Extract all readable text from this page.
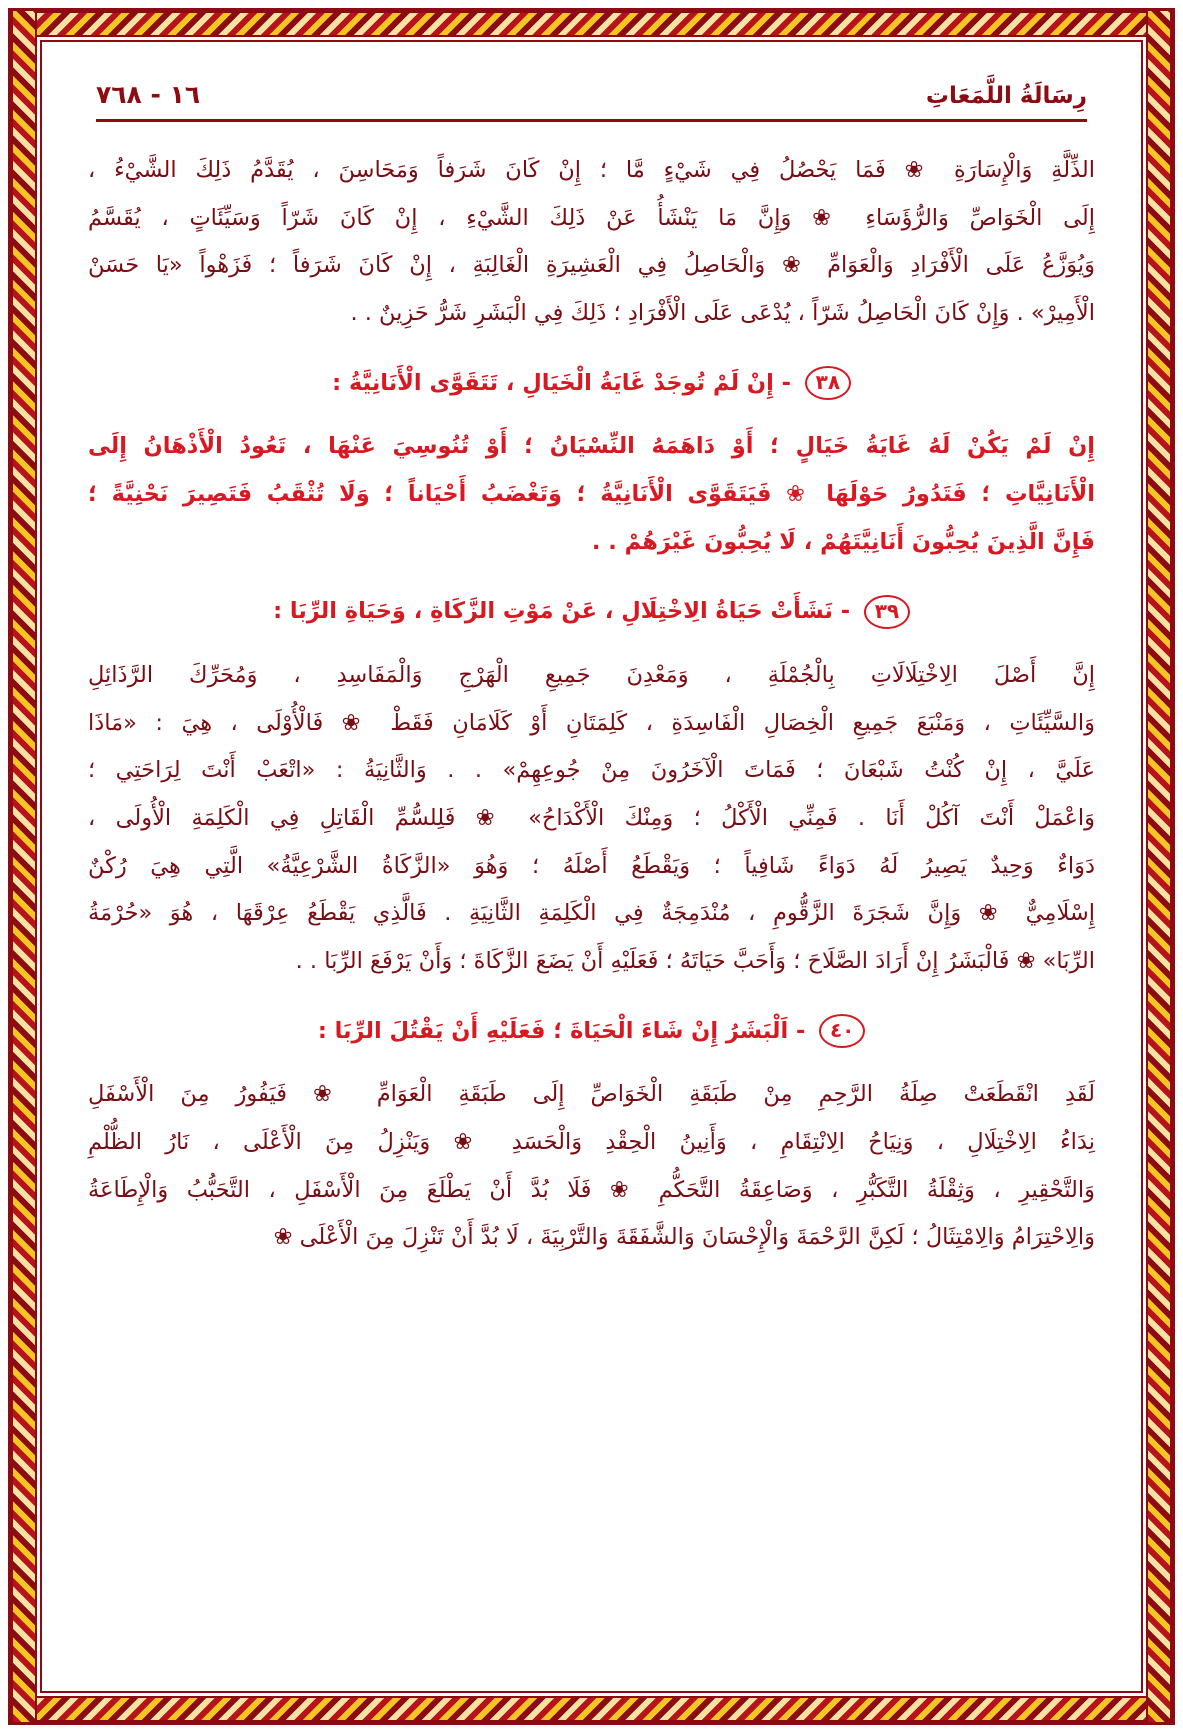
١٦ - ٧٦٨	رِسَالَةُ اللَّمَعَاتِ
الذِّلَّةِ وَالْإِسَارَةِ ❀ فَمَا يَحْصُلُ فِي شَيْءٍ مَّا ؛ إِنْ كَانَ شَرَفاً وَمَحَاسِنَ ، يُقَدَّمُ ذَلِكَ الشَّيْءُ ،
إِلَى الْخَوَاصِّ وَالرُّؤَسَاءِ ❀ وَإِنَّ مَا يَنْشَأُ عَنْ ذَلِكَ الشَّيْءِ ، إِنْ كَانَ شَرّاً وَسَيِّئَاتٍ ، يُقَسَّمُ
وَيُوَزَّعُ عَلَى الْأَفْرَادِ وَالْعَوَامِّ ❀ وَالْحَاصِلُ فِي الْعَشِيرَةِ الْغَالِبَةِ ، إِنْ كَانَ شَرَفاً ؛ فَزَهْواً «يَا حَسَنْ
الْأَمِيرْ» . وَإِنْ كَانَ الْحَاصِلُ شَرّاً ، يُدْعَى عَلَى الْأَفْرَادِ ؛ ذَلِكَ فِي الْبَشَرِ شَرُّ حَزِينٌ . .
٣٨ - إِنْ لَمْ تُوجَدْ غَايَةُ الْخَيَالِ ، تَتَقَوَّى الْأَنَانِيَّةُ :
إِنْ لَمْ يَكُنْ لَهُ غَايَةُ خَيَالٍ ؛ أَوْ دَاهَمَهُ النِّسْيَانُ ؛ أَوْ تُنُوسِيَ عَنْهَا ، تَعُودُ الْأَذْهَانُ إِلَى
الْأَنَانِيَّاتِ ؛ فَتَدُورُ حَوْلَهَا ❀ فَيَتَقَوَّى الْأَنَانِيَّةُ ؛ وَتَغْضَبُ أَحْيَاناً ؛ وَلَا تُثْقَبُ فَتَصِيرَ نَحْنِيَّةً ؛
فَإِنَّ الَّذِينَ يُحِبُّونَ أَنَانِيَّتَهُمْ ، لَا يُحِبُّونَ غَيْرَهُمْ . .
٣٩ - نَشَأَتْ حَيَاةُ الِاخْتِلَالِ ، عَنْ مَوْتِ الزَّكَاةِ ، وَحَيَاةِ الرِّبَا :
إِنَّ أَصْلَ الِاخْتِلَالَاتِ بِالْجُمْلَةِ ، وَمَعْدِنَ جَمِيعِ الْهَرْجِ وَالْمَفَاسِدِ ، وَمُحَرِّكَ الرَّذَائِلِ
وَالسَّيِّئَاتِ ، وَمَنْبَعَ جَمِيعِ الْخِصَالِ الْفَاسِدَةِ ، كَلِمَتَانِ أَوْ كَلَامَانِ فَقَطْ ❀ فَالْأُوْلَى ، هِيَ : «مَاذَا
عَلَيَّ ، إِنْ كُنْتُ شَبْعَانَ ؛ فَمَاتَ الْآخَرُونَ مِنْ جُوعِهِمْ» . . وَالثَّانِيَةُ : «اتْعَبْ أَنْتَ لِرَاحَتِي ؛
وَاعْمَلْ أَنْتَ آكُلْ أَنَا . فَمِنِّي الْأَكْلُ ؛ وَمِنْكَ الْأَكْدَاحُ» ❀ فَلِلسُّمِّ الْقَاتِلِ فِي الْكَلِمَةِ الْأُولَى ،
دَوَاءٌ وَحِيدٌ يَصِيرُ لَهُ دَوَاءً شَافِياً ؛ وَيَقْطَعُ أَصْلَهُ ؛ وَهُوَ «الزَّكَاةُ الشَّرْعِيَّةُ» الَّتِي هِيَ رُكْنٌ
إِسْلَامِيٌّ ❀ وَإِنَّ شَجَرَةَ الزَّقُّومِ ، مُنْدَمِجَةٌ فِي الْكَلِمَةِ الثَّانِيَةِ . فَالَّذِي يَقْطَعُ عِرْقَهَا ، هُوَ «حُرْمَةُ
الرِّبَا» ❀ فَالْبَشَرُ إِنْ أَرَادَ الصَّلَاحَ ؛ وَأَحَبَّ حَيَاتَهُ ؛ فَعَلَيْهِ أَنْ يَضَعَ الزَّكَاةَ ؛ وَأَنْ يَرْفَعَ الرِّبَا . .
٤٠ - اَلْبَشَرُ إِنْ شَاءَ الْحَيَاةَ ؛ فَعَلَيْهِ أَنْ يَقْتُلَ الرِّبَا :
لَقَدِ انْقَطَعَتْ صِلَةُ الرَّحِمِ مِنْ طَبَقَةِ الْخَوَاصِّ إِلَى طَبَقَةِ الْعَوَامِّ ❀ فَيَفُورُ مِنَ الْأَسْفَلِ
نِدَاءُ الِاخْتِلَالِ ، وَنِيَاحُ الِانْتِقَامِ ، وَأَنِينُ الْحِقْدِ وَالْحَسَدِ ❀ وَيَنْزِلُ مِنَ الْأَعْلَى ، نَارُ الظُّلْمِ
وَالتَّحْقِيرِ ، وَثِقْلَةُ التَّكَبُّرِ ، وَصَاعِقَةُ التَّحَكُّمِ ❀ فَلَا بُدَّ أَنْ يَطْلَعَ مِنَ الْأَسْفَلِ ، التَّحَبُّبُ وَالْإِطَاعَةُ
وَالِاحْتِرَامُ وَالِامْتِثَالُ ؛ لَكِنَّ الرَّحْمَةَ وَالْإِحْسَانَ وَالشَّفَقَةَ وَالتَّرْبِيَةَ ، لَا بُدَّ أَنْ تَنْزِلَ مِنَ الْأَعْلَى ❀
